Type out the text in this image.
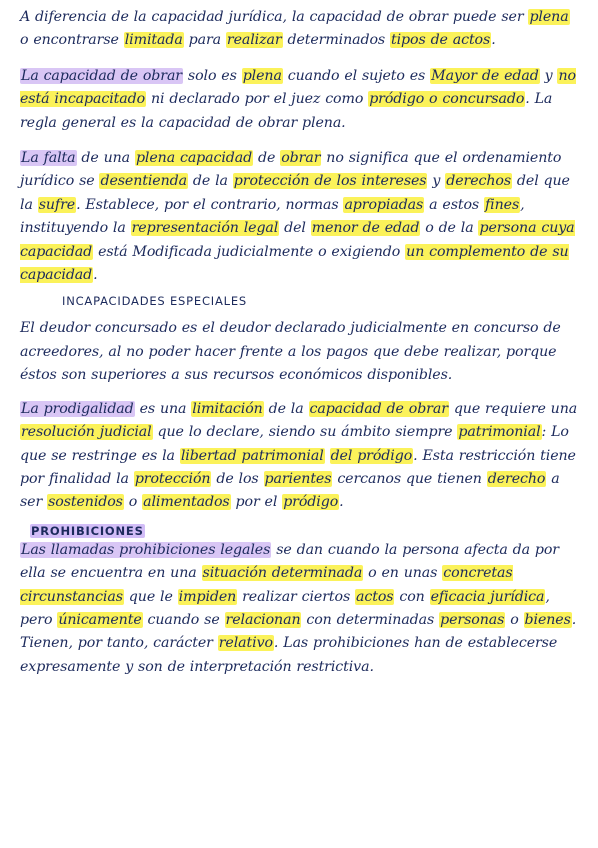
A diferencia de la capacidad jurídica, la capacidad de obrar puede ser plena o encontrarse limitada para realizar determinados tipos de actos.

La capacidad de obrar solo es plena cuando el sujeto es Mayor de edad y no está incapacitado ni declarado por el juez como pródigo o concursado. La regla general es la capacidad de obrar plena.

La falta de una plena capacidad de obrar no significa que el ordenamiento jurídico se desentienda de la protección de los intereses y derechos del que la sufre. Establece, por el contrario, normas apropiadas a estos fines, instituyendo la representación legal del menor de edad o de la persona cuya capacidad está Modificada judicialmente o exigiendo un complemento de su capacidad.

INCAPACIDADES ESPECIALES

El deudor concursado es el deudor declarado judicialmente en concurso de acreedores, al no poder hacer frente a los pagos que debe realizar, porque éstos son superiores a sus recursos económicos disponibles.

La prodigalidad es una limitación de la capacidad de obrar que requiere una resolución judicial que lo declare, siendo su ámbito siempre patrimonial: Lo que se restringe es la libertad patrimonial del pródigo. Esta restricción tiene por finalidad la protección de los parientes cercanos que tienen derecho a ser sostenidos o alimentados por el pródigo.

PROHIBICIONES

Las llamadas prohibiciones legales se dan cuando la persona afecta da por ella se encuentra en una situación determinada o en unas concretas circunstancias que le impiden realizar ciertos actos con eficacia jurídica, pero únicamente cuando se relacionan con determinadas personas o bienes. Tienen, por tanto, carácter relativo. Las prohibiciones han de establecerse expresamente y son de interpretación restrictiva.
